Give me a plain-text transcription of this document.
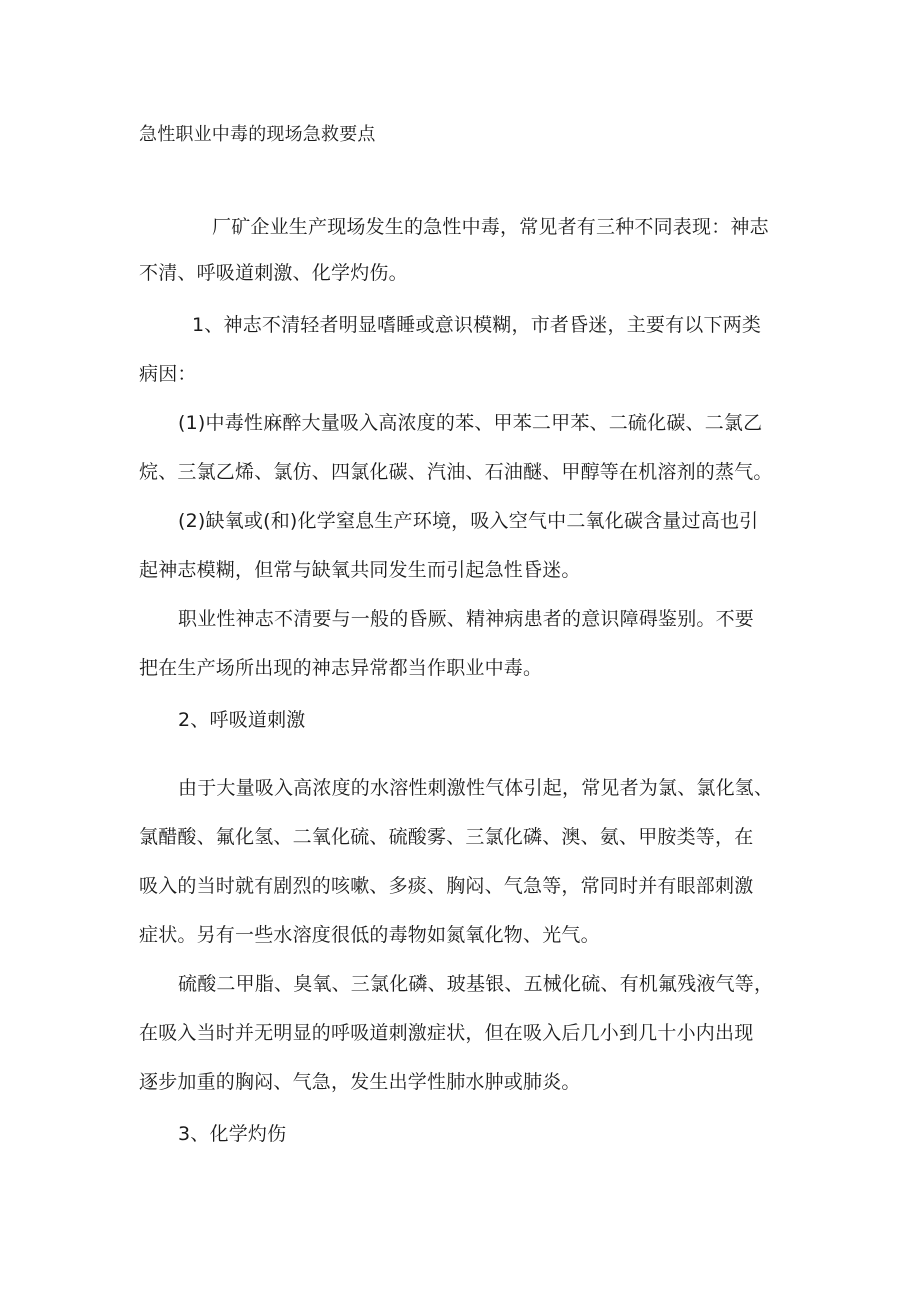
急性职业中毒的现场急救要点
厂矿企业生产现场发生的急性中毒，常见者有三种不同表现：神志
不清、呼吸道刺激、化学灼伤。
1、神志不清轻者明显嗜睡或意识模糊，市者昏迷，主要有以下两类
病因：
(1)中毒性麻醉大量吸入高浓度的苯、甲苯二甲苯、二硫化碳、二氯乙
烷、三氯乙烯、氯仿、四氯化碳、汽油、石油醚、甲醇等在机溶剂的蒸气。
(2)缺氧或(和)化学窒息生产环境，吸入空气中二氧化碳含量过高也引
起神志模糊，但常与缺氧共同发生而引起急性昏迷。
职业性神志不清要与一般的昏厥、精神病患者的意识障碍鉴别。不要
把在生产场所出现的神志异常都当作职业中毒。
2、呼吸道刺激
由于大量吸入高浓度的水溶性刺激性气体引起，常见者为氯、氯化氢、
氯醋酸、氟化氢、二氧化硫、硫酸雾、三氯化磷、澳、氨、甲胺类等，在
吸入的当时就有剧烈的咳嗽、多痰、胸闷、气急等，常同时并有眼部刺激
症状。另有一些水溶度很低的毒物如氮氧化物、光气。
硫酸二甲脂、臭氧、三氯化磷、玻基银、五械化硫、有机氟残液气等，
在吸入当时并无明显的呼吸道刺激症状，但在吸入后几小到几十小内出现
逐步加重的胸闷、气急，发生出学性肺水肿或肺炎。
3、化学灼伤
